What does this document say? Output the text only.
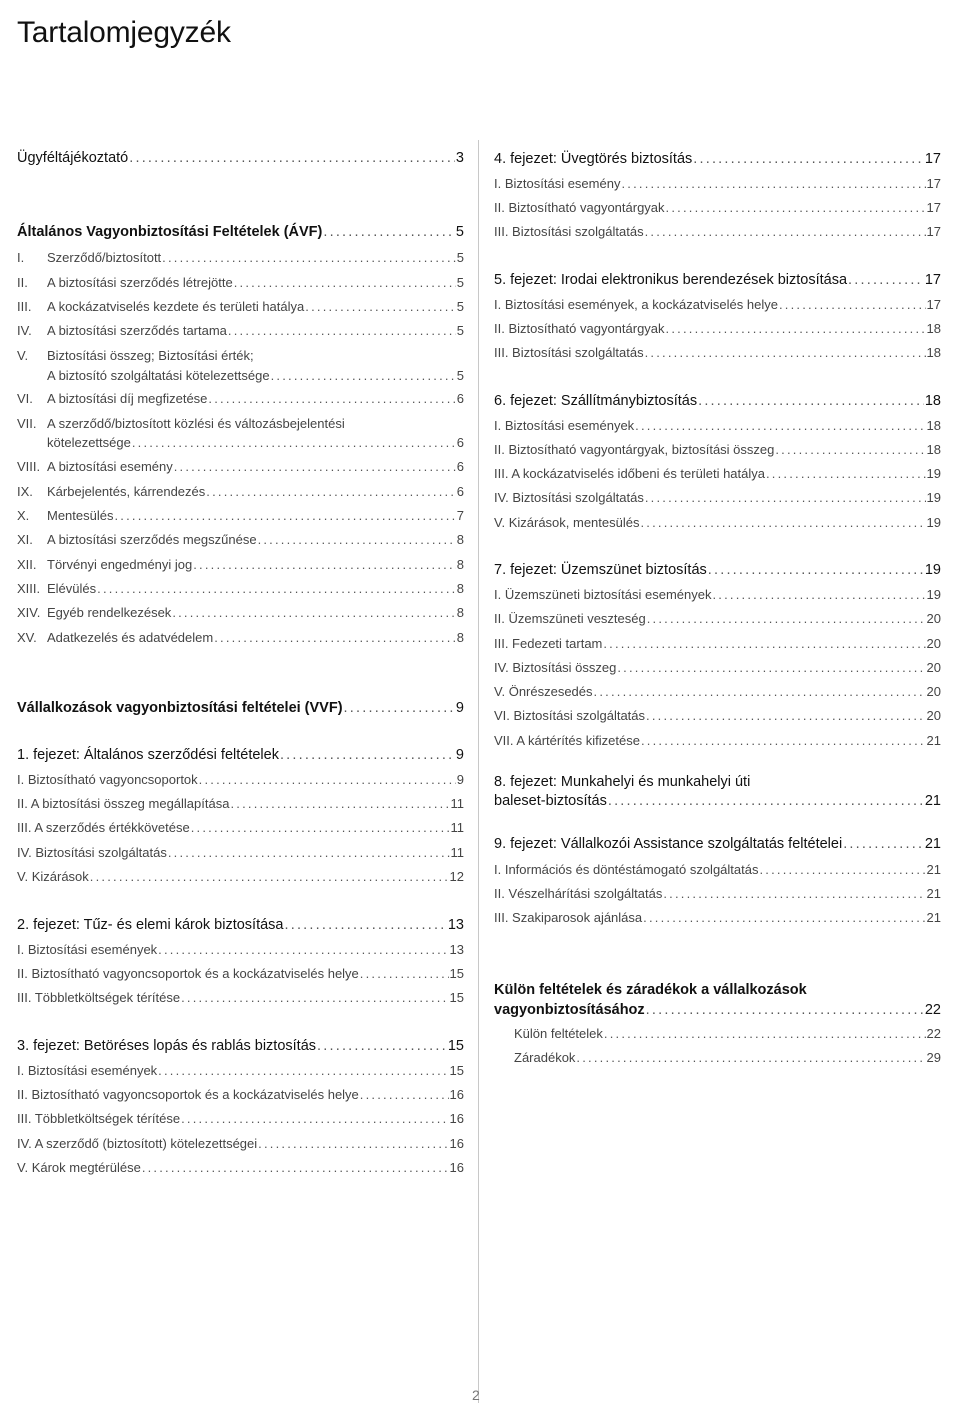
Tartalomjegyzék
Ügyféltájékoztató .....	3
Általános Vagyonbiztosítási Feltételek (ÁVF) .....	5
I.	Szerződő/biztosított .....	5
II.	A biztosítási szerződés létrejötte .....	5
III.	A kockázatviselés kezdete és területi hatálya .....	5
IV.	A biztosítási szerződés tartama .....	5
V. Biztosítási összeg; Biztosítási érték;
A biztosító szolgáltatási kötelezettsége .....	5
VI.	A biztosítási díj megfizetése .....	6
VII. A szerződő/biztosított közlési és változásbejelentési
kötelezettsége .....	6
VIII. A biztosítási esemény .....	6
IX.	Kárbejelentés, kárrendezés .....	6
X.	Mentesülés .....	7
XI.	A biztosítási szerződés megszűnése .....	8
XII. Törvényi engedményi jog .....	8
XIII. Elévülés .....	8
XIV. Egyéb rendelkezések .....	8
XV. Adatkezelés és adatvédelem .....	8
Vállalkozások vagyonbiztosítási feltételei (VVF) .....	9
1. fejezet: Általános szerződési feltételek .....	9
I. Biztosítható vagyoncsoportok .....	9
II. A biztosítási összeg megállapítása .....	11
III. A szerződés értékkövetése .....	11
IV. Biztosítási szolgáltatás .....	11
V. Kizárások .....	12
2. fejezet: Tűz- és elemi károk biztosítása .....	13
I. Biztosítási események .....	13
II. Biztosítható vagyoncsoportok és a kockázatviselés helye .....	15
III. Többletköltségek térítése .....	15
3. fejezet: Betöréses lopás és rablás biztosítás .....	15
I. Biztosítási események .....	15
II. Biztosítható vagyoncsoportok és a kockázatviselés helye .....	16
III. Többletköltségek térítése .....	16
IV. A szerződő (biztosított) kötelezettségei .....	16
V. Károk megtérülése .....	16
4. fejezet: Üvegtörés biztosítás .....	17
I. Biztosítási esemény .....	17
II. Biztosítható vagyontárgyak .....	17
III. Biztosítási szolgáltatás .....	17
5. fejezet: Irodai elektronikus berendezések biztosítása .....	17
I. Biztosítási események, a kockázatviselés helye .....	17
II. Biztosítható vagyontárgyak .....	18
III. Biztosítási szolgáltatás .....	18
6. fejezet: Szállítmánybiztosítás .....	18
I. Biztosítási események .....	18
II. Biztosítható vagyontárgyak, biztosítási összeg .....	18
III. A kockázatviselés időbeni és területi hatálya .....	19
IV. Biztosítási szolgáltatás .....	19
V. Kizárások, mentesülés .....	19
7. fejezet: Üzemszünet biztosítás .....	19
I. Üzemszüneti biztosítási események .....	19
II. Üzemszüneti veszteség .....	20
III. Fedezeti tartam .....	20
IV. Biztosítási összeg .....	20
V. Önrészesedés .....	20
VI. Biztosítási szolgáltatás .....	20
VII. A kártérítés kifizetése .....	21
8. fejezet: Munkahelyi és munkahelyi úti
baleset-biztosítás .....	21
9. fejezet: Vállalkozói Assistance szolgáltatás feltételei .....	21
I. Információs és döntéstámogató szolgáltatás .....	21
II. Vészelhárítási szolgáltatás .....	21
III. Szakiparosok ajánlása .....	21
Külön feltételek és záradékok a vállalkozások
vagyonbiztosításához .....	22
Külön feltételek .....	22
Záradékok .....	29
2
